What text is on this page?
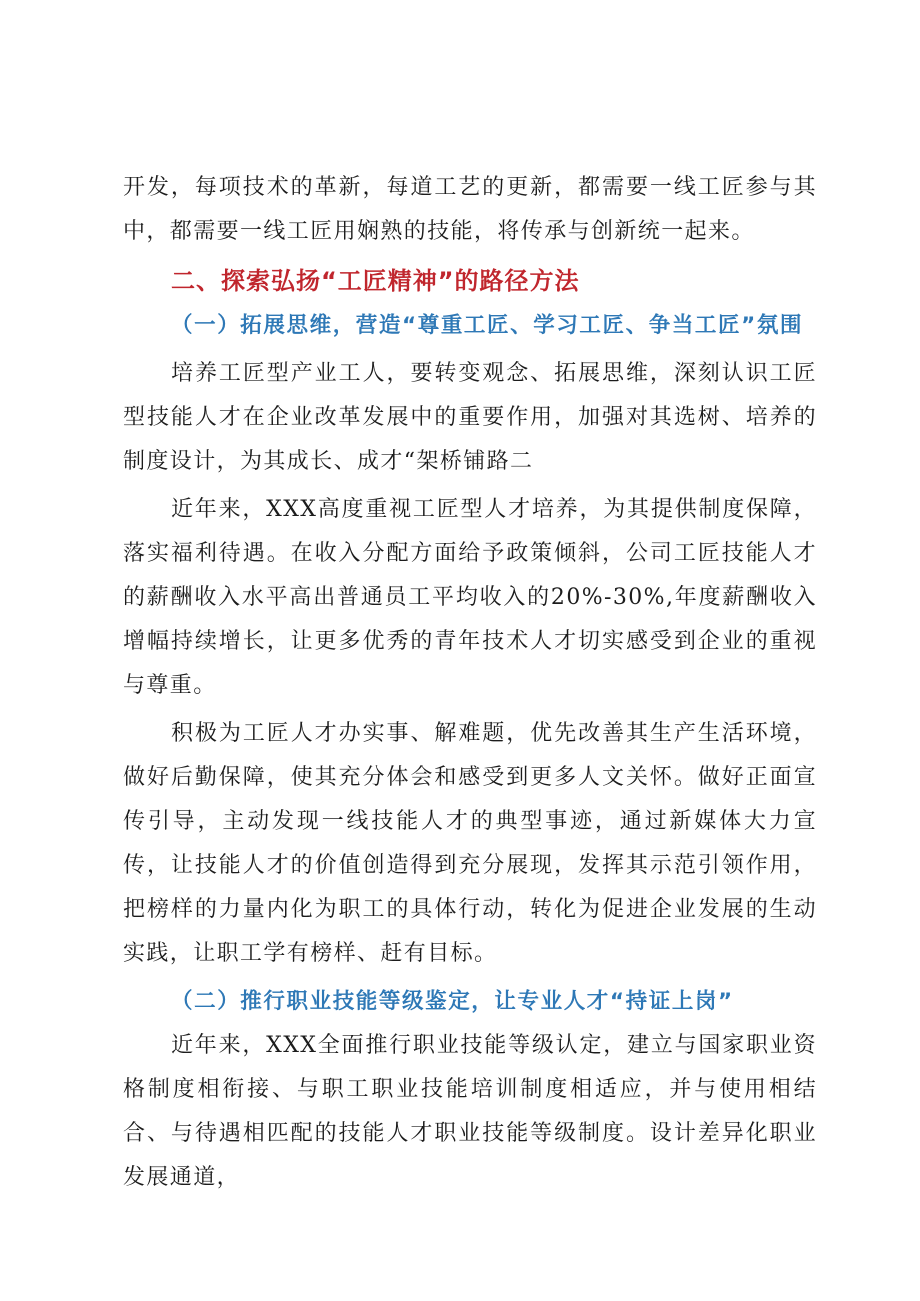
开发，每项技术的革新，每道工艺的更新，都需要一线工匠参与其中，都需要一线工匠用娴熟的技能，将传承与创新统一起来。

二、探索弘扬“工匠精神”的路径方法
（一）拓展思维，营造“尊重工匠、学习工匠、争当工匠”氛围

培养工匠型产业工人，要转变观念、拓展思维，深刻认识工匠型技能人才在企业改革发展中的重要作用，加强对其选树、培养的制度设计，为其成长、成才“架桥铺路二

近年来，XXX高度重视工匠型人才培养，为其提供制度保障，落实福利待遇。在收入分配方面给予政策倾斜，公司工匠技能人才的薪酬收入水平高出普通员工平均收入的20%-30%,年度薪酬收入增幅持续增长，让更多优秀的青年技术人才切实感受到企业的重视与尊重。

积极为工匠人才办实事、解难题，优先改善其生产生活环境，做好后勤保障，使其充分体会和感受到更多人文关怀。做好正面宣传引导，主动发现一线技能人才的典型事迹，通过新媒体大力宣传，让技能人才的价值创造得到充分展现，发挥其示范引领作用，把榜样的力量内化为职工的具体行动，转化为促进企业发展的生动实践，让职工学有榜样、赶有目标。

（二）推行职业技能等级鉴定，让专业人才“持证上岗”

近年来，XXX全面推行职业技能等级认定，建立与国家职业资格制度相衔接、与职工职业技能培训制度相适应，并与使用相结合、与待遇相匹配的技能人才职业技能等级制度。设计差异化职业发展通道，
